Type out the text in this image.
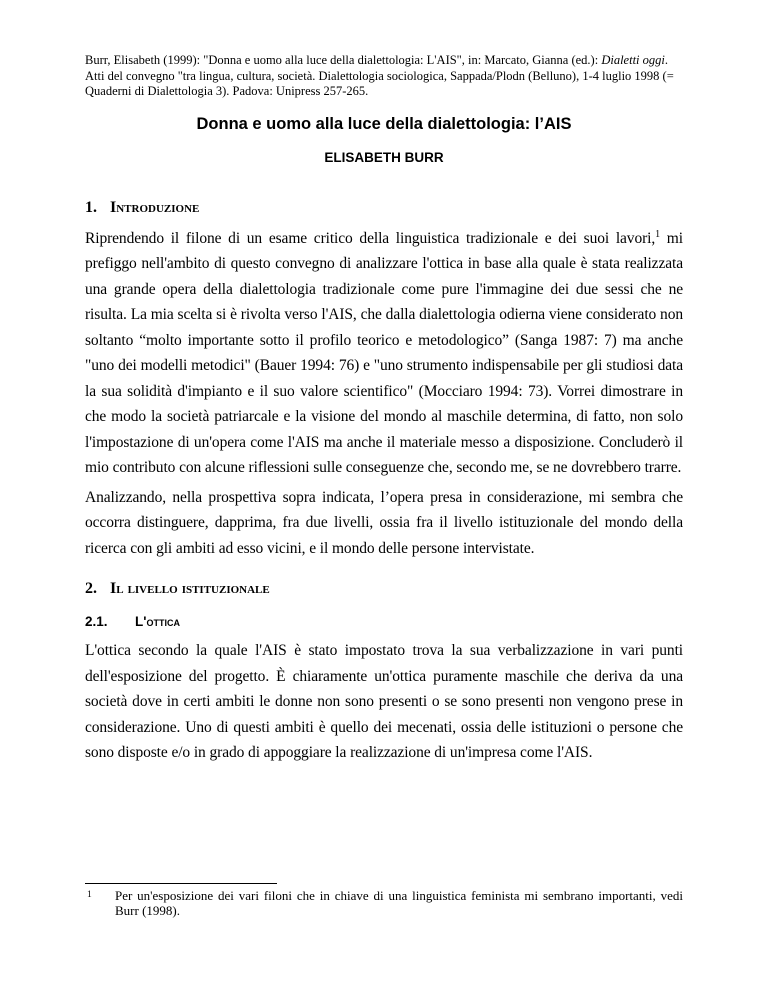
Burr, Elisabeth (1999): "Donna e uomo alla luce della dialettologia: L'AIS", in: Marcato, Gianna (ed.): Dialetti oggi. Atti del convegno "tra lingua, cultura, società. Dialettologia sociologica, Sappada/Plodn (Belluno), 1-4 luglio 1998 (= Quaderni di Dialettologia 3). Padova: Unipress 257-265.

Donna e uomo alla luce della dialettologia: l’AIS
ELISABETH BURR
1. Introduzione

Riprendendo il filone di un esame critico della linguistica tradizionale e dei suoi lavori,$^1$ mi prefiggo nell'ambito di questo convegno di analizzare l'ottica in base alla quale è stata realizzata una grande opera della dialettologia tradizionale come pure l'immagine dei due sessi che ne risulta. La mia scelta si è rivolta verso l'AIS, che dalla dialettologia odierna viene considerato non soltanto “molto importante sotto il profilo teorico e metodologico” (Sanga 1987: 7) ma anche "uno dei modelli metodici" (Bauer 1994: 76) e "uno strumento indispensabile per gli studiosi data la sua solidità d'impianto e il suo valore scientifico" (Mocciaro 1994: 73). Vorrei dimostrare in che modo la società patriarcale e la visione del mondo al maschile determina, di fatto, non solo l'impostazione di un'opera come l'AIS ma anche il materiale messo a disposizione. Concluderò il mio contributo con alcune riflessioni sulle conseguenze che, secondo me, se ne dovrebbero trarre.

Analizzando, nella prospettiva sopra indicata, l’opera presa in considerazione, mi sembra che occorra distinguere, dapprima, fra due livelli, ossia fra il livello istituzionale del mondo della ricerca con gli ambiti ad esso vicini, e il mondo delle persone intervistate.

2. Il livello istituzionale
2.1. L'ottica

L'ottica secondo la quale l'AIS è stato impostato trova la sua verbalizzazione in vari punti dell'esposizione del progetto. È chiaramente un'ottica puramente maschile che deriva da una società dove in certi ambiti le donne non sono presenti o se sono presenti non vengono prese in considerazione. Uno di questi ambiti è quello dei mecenati, ossia delle istituzioni o persone che sono disposte e/o in grado di appoggiare la realizzazione di un'impresa come l'AIS.

1 Per un'esposizione dei vari filoni che in chiave di una linguistica feminista mi sembrano importanti, vedi Burr (1998).
